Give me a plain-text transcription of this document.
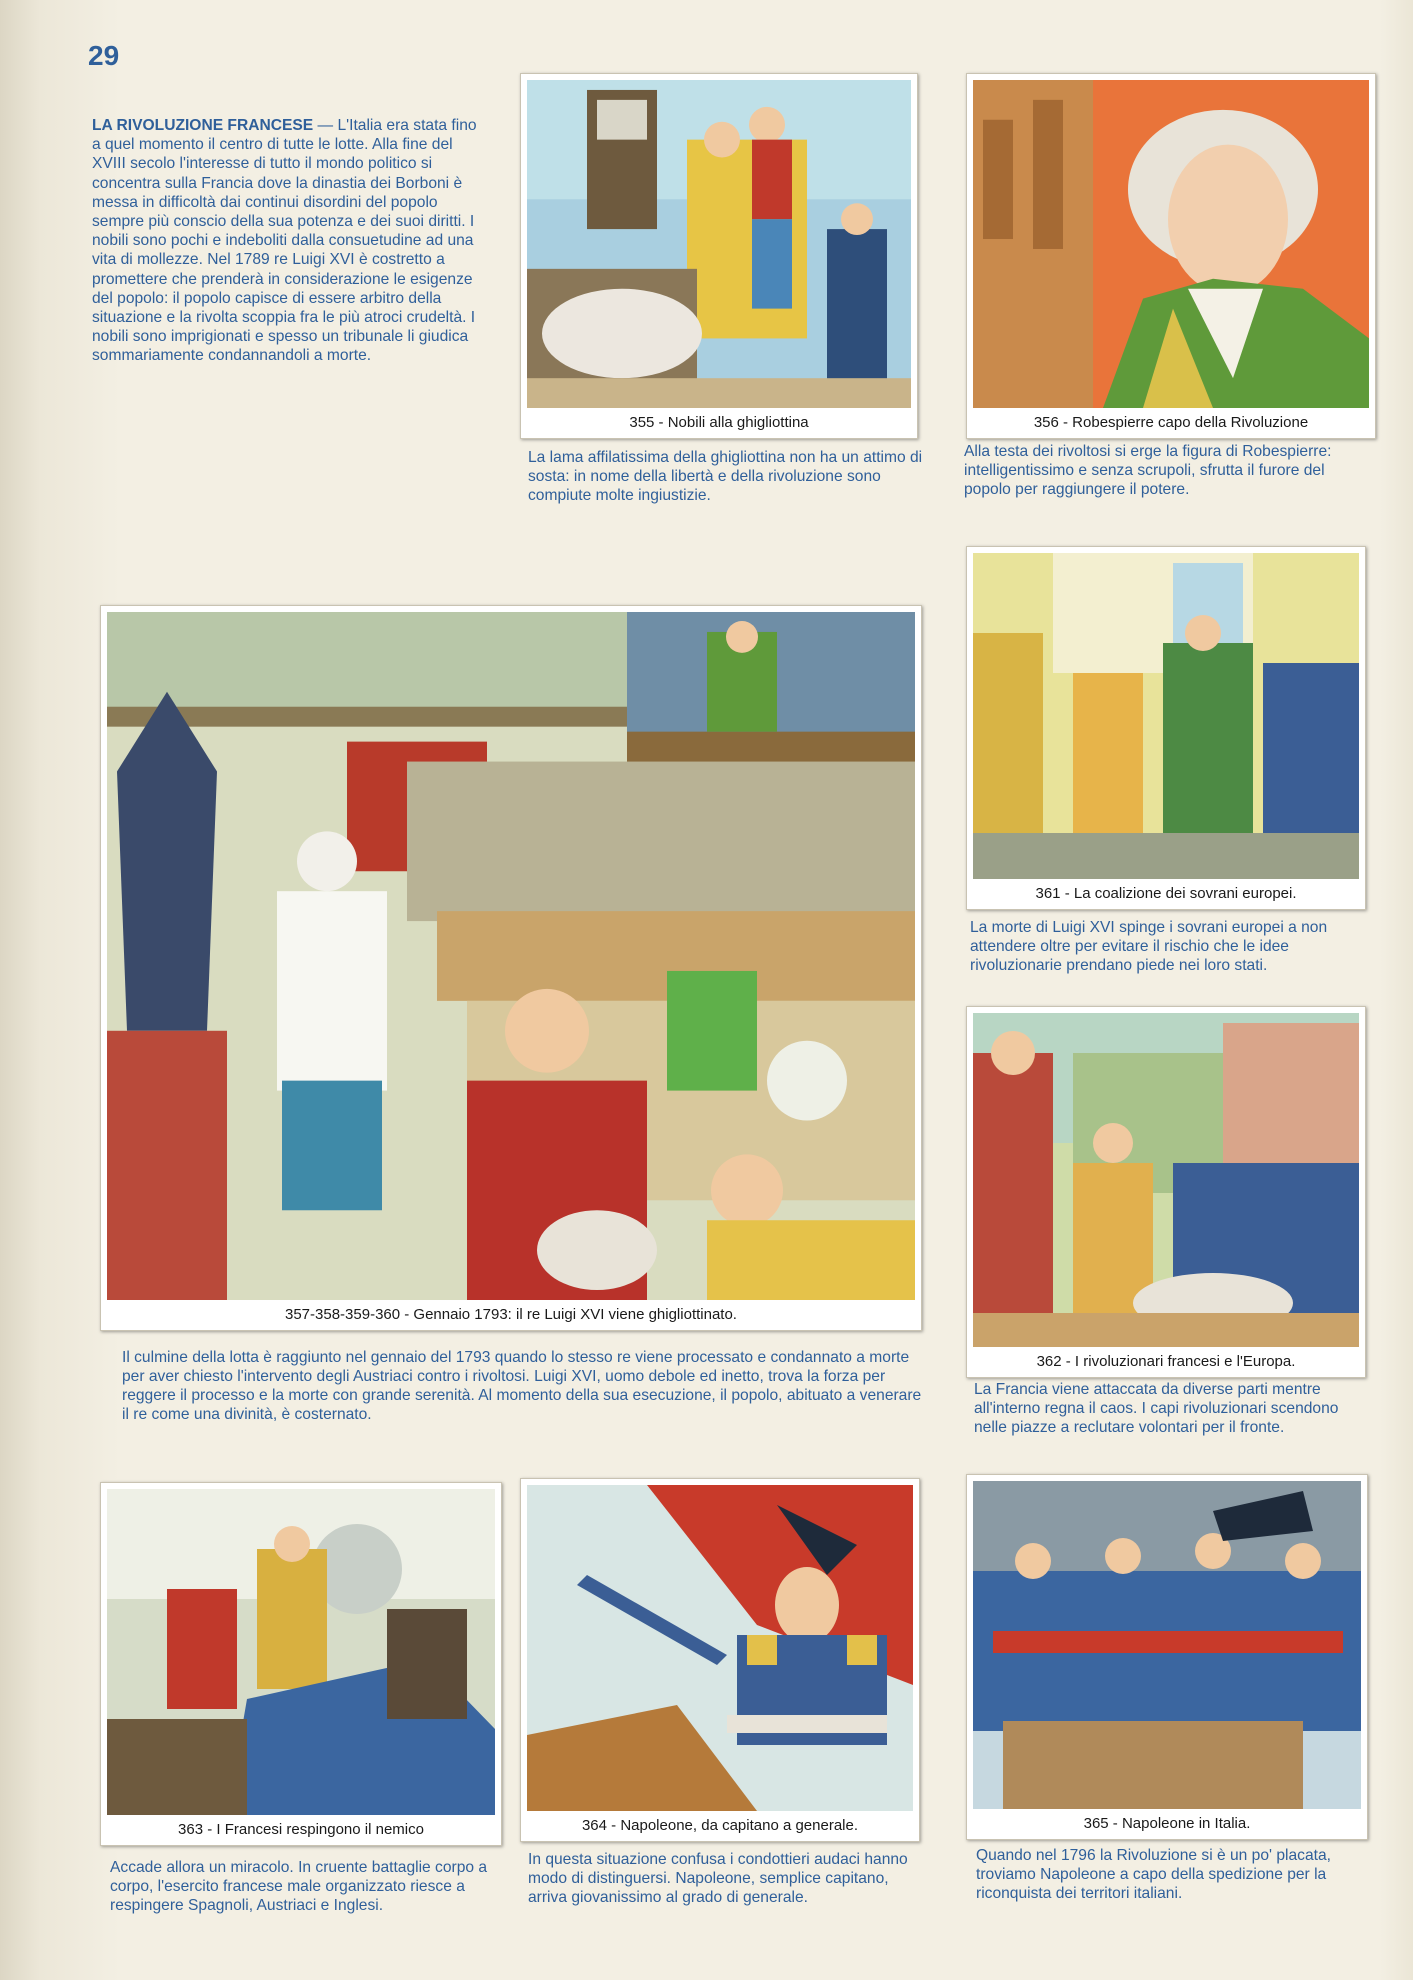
29

LA RIVOLUZIONE FRANCESE — L'Italia era stata fino a quel momento il centro di tutte le lotte. Alla fine del XVIII secolo l'interesse di tutto il mondo politico si concentra sulla Francia dove la dinastia dei Borboni è messa in difficoltà dai continui disordini del popolo sempre più conscio della sua potenza e dei suoi diritti. I nobili sono pochi e indeboliti dalla consuetudine ad una vita di mollezze. Nel 1789 re Luigi XVI è costretto a promettere che prenderà in considerazione le esigenze del popolo: il popolo capisce di essere arbitro della situazione e la rivolta scoppia fra le più atroci crudeltà. I nobili sono imprigionati e spesso un tribunale li giudica sommariamente condannandoli a morte.

355 - Nobili alla ghigliottina

La lama affilatissima della ghigliottina non ha un attimo di sosta: in nome della libertà e della rivoluzione sono compiute molte ingiustizie.

356 - Robespierre capo della Rivoluzione

Alla testa dei rivoltosi si erge la figura di Robespierre: intelligentissimo e senza scrupoli, sfrutta il furore del popolo per raggiungere il potere.

357-358-359-360 - Gennaio 1793: il re Luigi XVI viene ghigliottinato.

Il culmine della lotta è raggiunto nel gennaio del 1793 quando lo stesso re viene processato e condannato a morte per aver chiesto l'intervento degli Austriaci contro i rivoltosi. Luigi XVI, uomo debole ed inetto, trova la forza per reggere il processo e la morte con grande serenità. Al momento della sua esecuzione, il popolo, abituato a venerare il re come una divinità, è costernato.

361 - La coalizione dei sovrani europei.

La morte di Luigi XVI spinge i sovrani europei a non attendere oltre per evitare il rischio che le idee rivoluzionarie prendano piede nei loro stati.

362 - I rivoluzionari francesi e l'Europa.

La Francia viene attaccata da diverse parti mentre all'interno regna il caos. I capi rivoluzionari scendono nelle piazze a reclutare volontari per il fronte.

363 - I Francesi respingono il nemico

Accade allora un miracolo. In cruente battaglie corpo a corpo, l'esercito francese male organizzato riesce a respingere Spagnoli, Austriaci e Inglesi.

364 - Napoleone, da capitano a generale.

In questa situazione confusa i condottieri audaci hanno modo di distinguersi. Napoleone, semplice capitano, arriva giovanissimo al grado di generale.

365 - Napoleone in Italia.

Quando nel 1796 la Rivoluzione si è un po' placata, troviamo Napoleone a capo della spedizione per la riconquista dei territori italiani.
